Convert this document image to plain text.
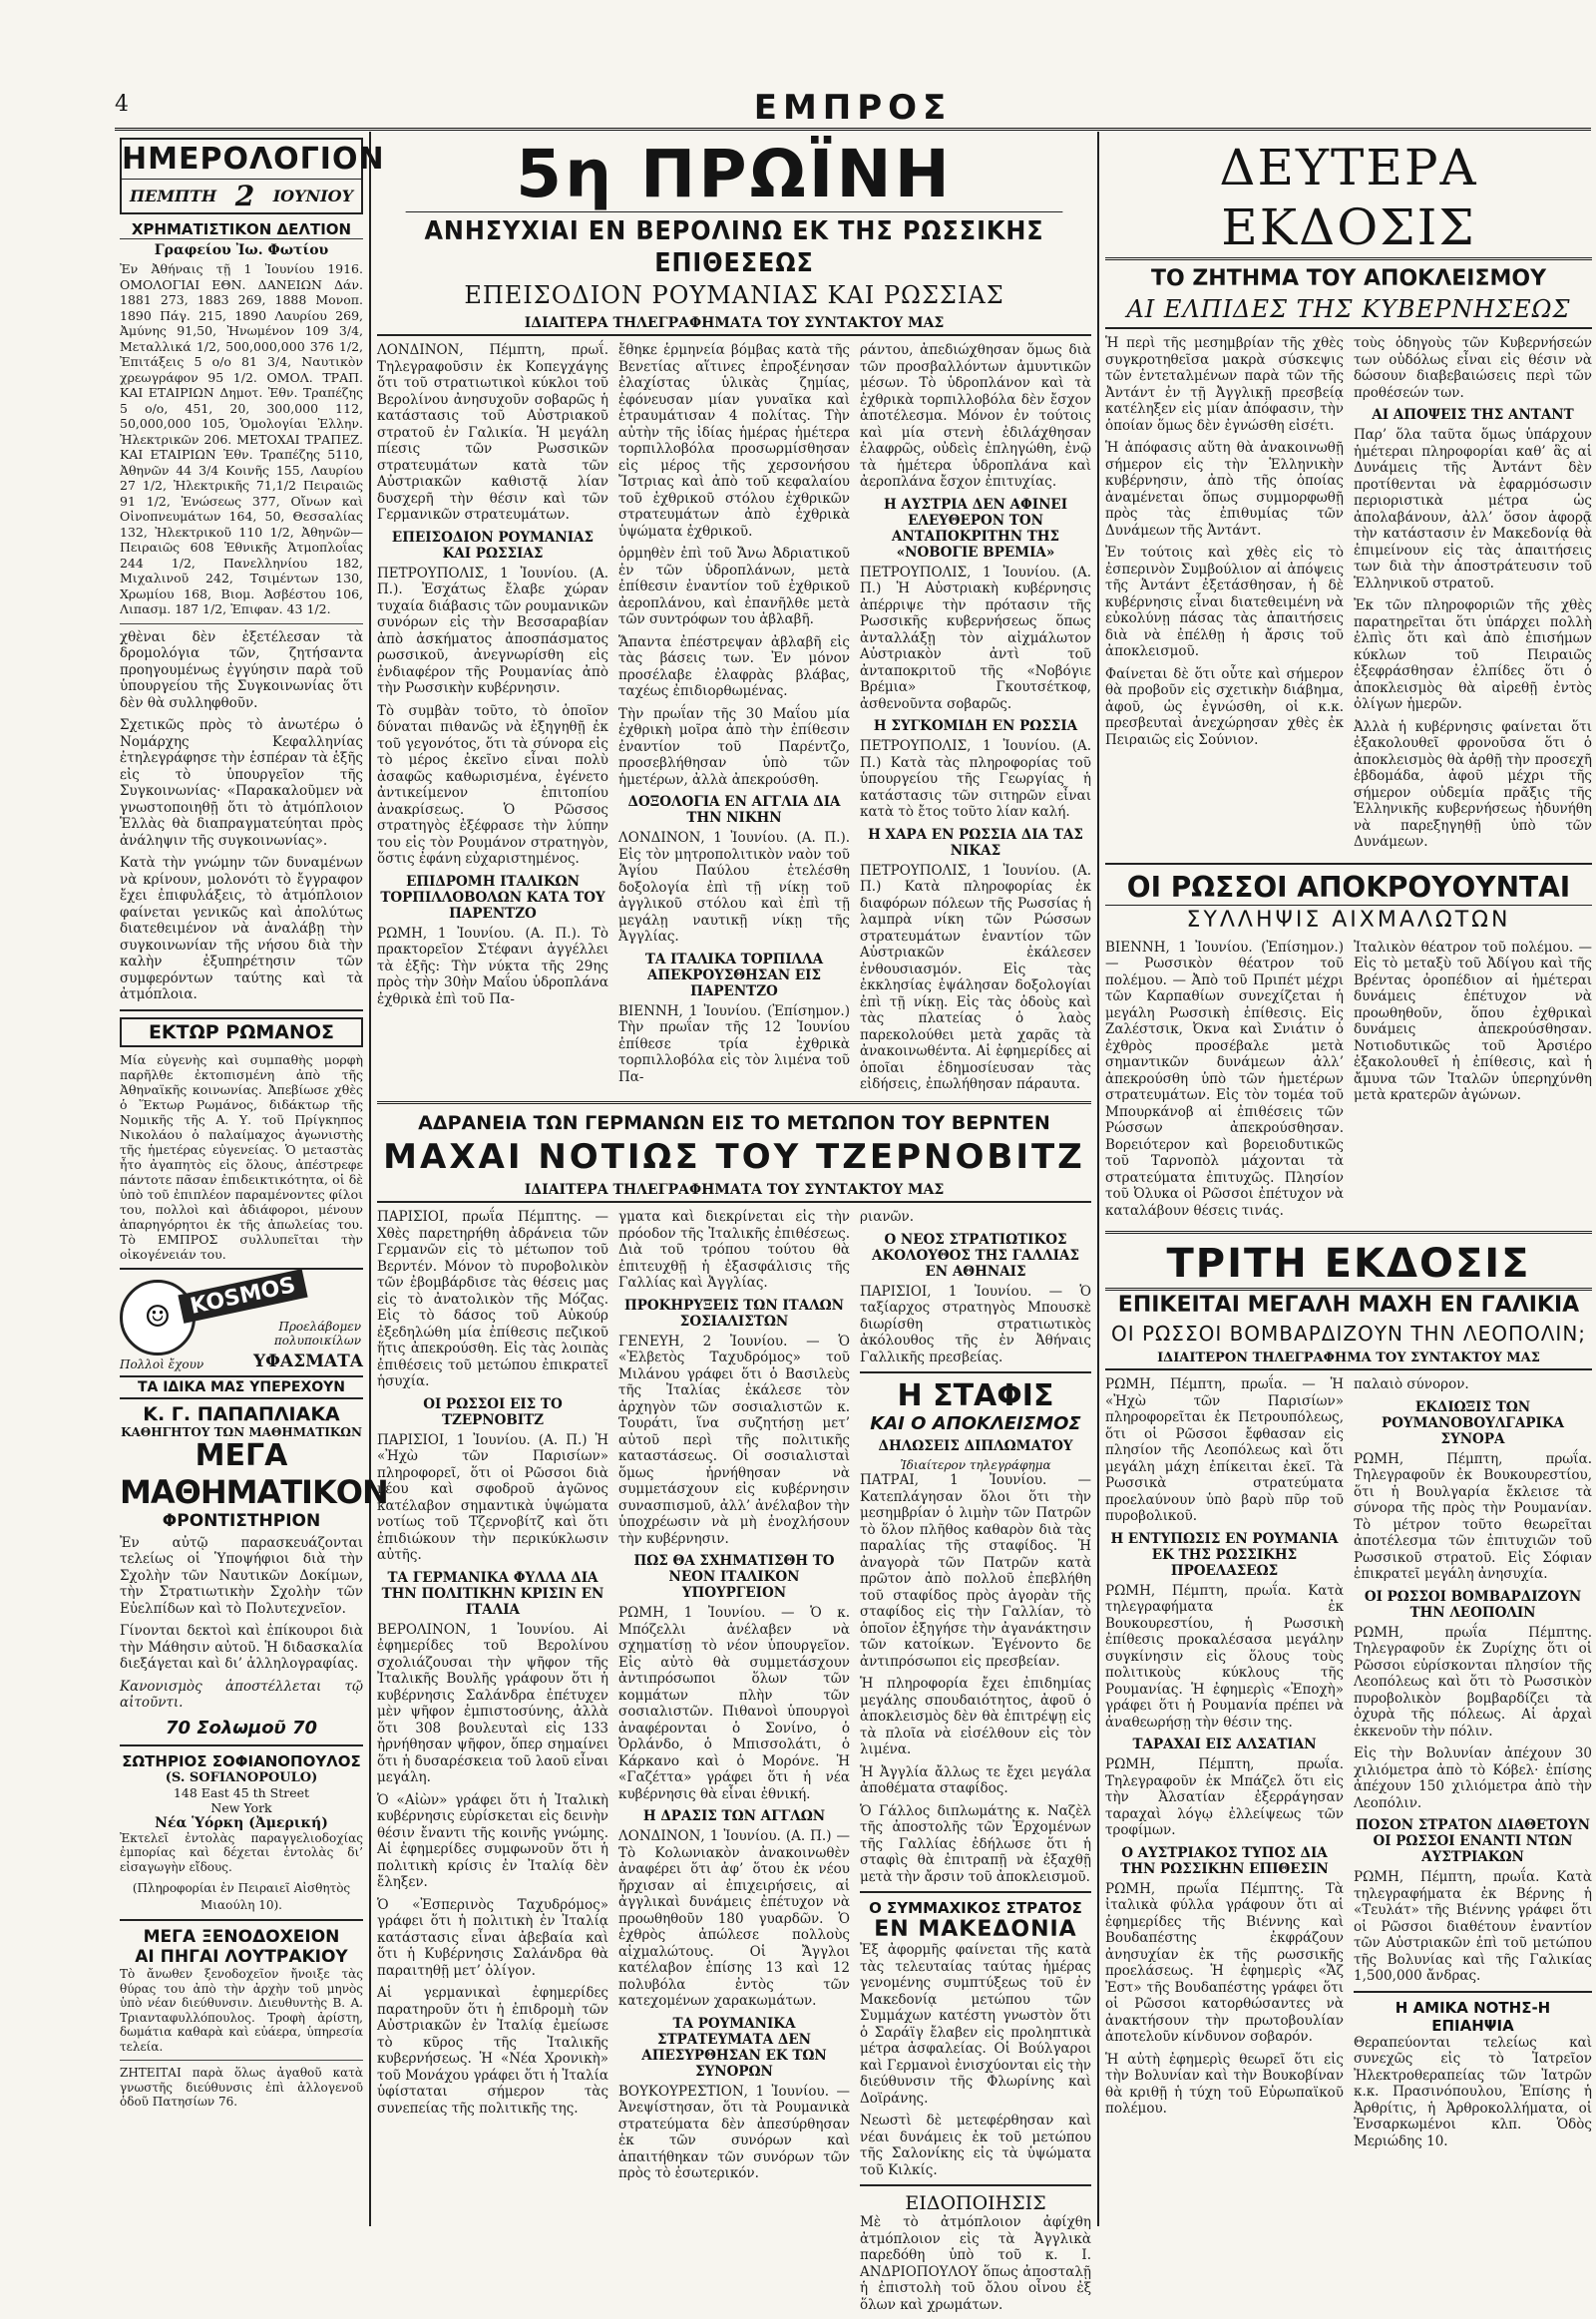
4	ΕΜΠΡΟΣ
ΗΜΕΡΟΛΟΓΙΟΝ
ΠΕΜΠΤΗ 2 ΙΟΥΝΙΟΥ
ΧΡΗΜΑΤΙΣΤΙΚΟΝ ΔΕΛΤΙΟΝ
Γραφείου Ἰω. Φωτίου

Ἐν Ἀθήναις τῇ 1 Ἰουνίου 1916. ΟΜΟΛΟΓΙΑΙ ΕΘΝ. ΔΑΝΕΙΩΝ Δάν. 1881 273, 1883 269, 1888 Μονοπ. 1890 Πάγ. 215, 1890 Λαυρίου 269, Ἀμύνης 91,50, Ἠνωμένον 109 3/4, Μεταλλικά 1/2, 500,000,000 376 1/2, Ἐπιτάξεις 5 ο/ο 81 3/4, Ναυτικὸν χρεωγράφον 95 1/2. ΟΜΟΛ. ΤΡΑΠ. ΚΑΙ ΕΤΑΙΡΙΩΝ Δημοτ. Ἐθν. Τραπέζης 5 ο/ο, 451, 20, 300,000 112, 50,000,000 105, Ὁμολογίαι Ἑλλην. Ἠλεκτρικῶν 206. ΜΕΤΟΧΑΙ ΤΡΑΠΕΖ. ΚΑΙ ΕΤΑΙΡΙΩΝ Ἐθν. Τραπέζης 5110, Ἀθηνῶν 44 3/4 Κοινῆς 155, Λαυρίου 27 1/2, Ἠλεκτρικῆς 71,1/2 Πειραιῶς 91 1/2, Ἑνώσεως 377, Οἴνων καὶ Οἰνοπνευμάτων 164, 50, Θεσσαλίας 132, Ἠλεκτρικοῦ 110 1/2, Ἀθηνῶν—Πειραιῶς 608 Ἑθνικῆς Ἀτμοπλοΐας 244 1/2, Πανελληνίου 182, Μιχαλινοῦ 242, Τσιμέντων 130, Χρωμίου 168, Βιομ. Ἀσβέστου 106, Λιπασμ. 187 1/2, Ἐπιφαν. 43 1/2.

χθὲναι δὲν ἐξετέλεσαν τὰ δρομολόγια τῶν, ζητήσαντα προηγουμένως ἐγγύησιν παρὰ τοῦ ὑπουργείου τῆς Συγκοινωνίας ὅτι δὲν θὰ συλληφθοῦν.

Σχετικῶς πρὸς τὸ ἀνωτέρω ὁ Νομάρχης Κεφαλληνίας ἐτηλεγράφησε τὴν ἑσπέραν τὰ ἑξῆς εἰς τὸ ὑπουργεῖον τῆς Συγκοινωνίας· «Παρακαλοῦμεν νὰ γνωστοποιηθῇ ὅτι τὸ ἀτμόπλοιον Ἑλλὰς θὰ διαπραγματεύηται πρὸς ἀνάληψιν τῆς συγκοινωνίας».

Κατὰ τὴν γνώμην τῶν δυναμένων νὰ κρίνουν, μολονότι τὸ ἔγγραφον ἔχει ἐπιφυλάξεις, τὸ ἀτμόπλοιον φαίνεται γενικῶς καὶ ἀπολύτως διατεθειμένον νὰ ἀναλάβῃ τὴν συγκοινωνίαν τῆς νήσου διὰ τὴν καλὴν ἐξυπηρέτησιν τῶν συμφερόντων ταύτης καὶ τὰ ἀτμόπλοια.

ΕΚΤΩΡ ΡΩΜΑΝΟΣ

Μία εὐγενὴς καὶ συμπαθὴς μορφὴ παρῆλθε ἐκτοπισμένη ἀπὸ τῆς Ἀθηναϊκῆς κοινωνίας. Ἀπεβίωσε χθὲς ὁ Ἕκτωρ Ρωμάνος, διδάκτωρ τῆς Νομικῆς τῆς Α. Υ. τοῦ Πρίγκηπος Νικολάου ὁ παλαίμαχος ἀγωνιστὴς τῆς ἡμετέρας εὐγενείας. Ὁ μεταστὰς ἦτο ἀγαπητὸς εἰς ὅλους, ἀπέστρεφε πάντοτε πᾶσαν ἐπιδεικτικότητα, οἱ δὲ ὑπὸ τοῦ ἐπιπλέον παραμένοντες φίλοι του, πολλοὶ καὶ ἀδιάφοροι, μένουν ἀπαρηγόρητοι ἐκ τῆς ἀπωλείας του. Τὸ ΕΜΠΡΟΣ συλλυπεῖται τὴν οἰκογένειάν του.

☺ KOSMOS
Προελάβομεν πολυποικίλων
Πολλοὶ ἔχουν	ΥΦΑΣΜΑΤΑ
ΤΑ ΙΔΙΚΑ ΜΑΣ ΥΠΕΡΕΧΟΥΝ
Κ. Γ. ΠΑΠΑΠΛΙΑΚΑ
ΚΑΘΗΓΗΤΟΥ ΤΩΝ ΜΑΘΗΜΑΤΙΚΩΝ
ΜΕΓΑ
ΜΑΘΗΜΑΤΙΚΟΝ
ΦΡΟΝΤΙΣΤΗΡΙΟΝ

Ἐν αὐτῷ παρασκευάζονται τελείως οἱ Ὑποψήφιοι διὰ τὴν Σχολὴν τῶν Ναυτικῶν Δοκίμων, τὴν Στρατιωτικὴν Σχολὴν τῶν Εὐελπίδων καὶ τὸ Πολυτεχνεῖον.

Γίνονται δεκτοὶ καὶ ἐπίκουροι διὰ τὴν Μάθησιν αὐτοῦ. Ἡ διδασκαλία διεξάγεται καὶ δι’ ἀλληλογραφίας.

Κανονισμὸς ἀποστέλλεται τῷ αἰτοῦντι.

70 Σολωμοῦ 70
ΣΩΤΗΡΙΟΣ ΣΟΦΙΑΝΟΠΟΥΛΟΣ
(S. SOFIANOPOULO)
148 East 45 th Street
New York
Νέα Ὑόρκη (Ἀμερική)

Ἐκτελεῖ ἐντολὰς παραγγελιοδοχίας ἐμπορίας καὶ δέχεται ἐντολὰς δι’ εἰσαγωγὴν εἴδους.

(Πληροφορίαι ἐν Πειραιεῖ Αἰσθητὸς Μιαούλη 10).

ΜΕΓΑ ΞΕΝΟΔΟΧΕΙΟΝ
ΑΙ ΠΗΓΑΙ ΛΟΥΤΡΑΚΙΟΥ

Τὸ ἄνωθεν ξενοδοχεῖον ἤνοιξε τὰς θύρας του ἀπὸ τὴν ἀρχὴν τοῦ μηνὸς ὑπὸ νέαν διεύθυνσιν. Διευθυντὴς Β. Α. Τριανταφυλλόπουλος. Τροφὴ ἀρίστη, δωμάτια καθαρὰ καὶ εὐάερα, ὑπηρεσία τελεία.

ΖΗΤΕΙΤΑΙ παρὰ ὅλως ἀγαθοῦ κατὰ γνωστῆς διεύθυνσις ἐπὶ ἀλλογενοῦ ὁδοῦ Πατησίων 76.

5η ΠΡΩΪΝΗ
ΑΝΗΣΥΧΙΑΙ ΕΝ ΒΕΡΟΛΙΝΩ ΕΚ ΤΗΣ ΡΩΣΣΙΚΗΣ ΕΠΙΘΕΣΕΩΣ
ΕΠΕΙΣΟΔΙΟΝ ΡΟΥΜΑΝΙΑΣ ΚΑΙ ΡΩΣΣΙΑΣ
ΙΔΙΑΙΤΕΡΑ ΤΗΛΕΓΡΑΦΗΜΑΤΑ ΤΟΥ ΣΥΝΤΑΚΤΟΥ ΜΑΣ

ΛΟΝΔΙΝΟΝ, Πέμπτη, πρωΐ. Τηλεγραφοῦσιν ἐκ Κοπεγχάγης ὅτι τοῦ στρατιωτικοὶ κύκλοι τοῦ Βερολίνου ἀνησυχοῦν σοβαρῶς ἡ κατάστασις τοῦ Αὐστριακοῦ στρατοῦ ἐν Γαλικία. Ἡ μεγάλη πίεσις τῶν Ρωσσικῶν στρατευμάτων κατὰ τῶν Αὐστριακῶν καθιστᾷ λίαν δυσχερῆ τὴν θέσιν καὶ τῶν Γερμανικῶν στρατευμάτων.

ΕΠΕΙΣΟΔΙΟΝ ΡΟΥΜΑΝΙΑΣ ΚΑΙ ΡΩΣΣΙΑΣ

ΠΕΤΡΟΥΠΟΛΙΣ, 1 Ἰουνίου. (Α. Π.). Ἐσχάτως ἔλαβε χώραν τυχαία διάβασις τῶν ρουμανικῶν συνόρων εἰς τὴν Βεσσαραβίαν ἀπὸ ἀσκήματος ἀποσπάσματος ρωσσικοῦ, ἀνεγνωρίσθη εἰς ἐνδιαφέρον τῆς Ρουμανίας ἀπὸ τὴν Ρωσσικὴν κυβέρνησιν.

Τὸ συμβὰν τοῦτο, τὸ ὁποῖον δύναται πιθανῶς νὰ ἐξηγηθῇ ἐκ τοῦ γεγονότος, ὅτι τὰ σύνορα εἰς τὸ μέρος ἐκεῖνο εἶναι πολὺ ἀσαφῶς καθωρισμένα, ἐγένετο ἀντικείμενον ἐπιτοπίου ἀνακρίσεως. Ὁ Ρῶσσος στρατηγὸς ἐξέφρασε τὴν λύπην του εἰς τὸν Ρουμάνον στρατηγὸν, ὅστις ἐφάνη εὐχαριστημένος.

ΕΠΙΔΡΟΜΗ ΙΤΑΛΙΚΩΝ ΤΟΡΠΙΛΛΟΒΟΛΩΝ ΚΑΤΑ ΤΟΥ ΠΑΡΕΝΤΖΟ

ΡΩΜΗ, 1 Ἰουνίου. (Α. Π.). Τὸ πρακτορεῖον Στέφανι ἀγγέλλει τὰ ἑξῆς: Τὴν νύκτα τῆς 29ης πρὸς τὴν 30ὴν Μαΐου ὑδροπλάνα ἐχθρικὰ ἐπὶ τοῦ Πα-

ἔθηκε ἑρμηνεία βόμβας κατὰ τῆς Βενετίας αἵτινες ἐπροξένησαν ἐλαχίστας ὑλικὰς ζημίας, ἐφόνευσαν μίαν γυναῖκα καὶ ἐτραυμάτισαν 4 πολίτας. Τὴν αὐτὴν τῆς ἰδίας ἡμέρας ἡμέτερα τορπιλλοβόλα προσωρμίσθησαν εἰς μέρος τῆς χερσονήσου Ἴστριας καὶ ἀπὸ τοῦ κεφαλαίου τοῦ ἐχθρικοῦ στόλου ἐχθρικῶν στρατευμάτων ἀπὸ ἐχθρικὰ ὑψώματα ἐχθρικοῦ.

ὁρμηθὲν ἐπὶ τοῦ Ἄνω Ἀδριατικοῦ ἐν τῶν ὑδροπλάνων, μετὰ ἐπίθεσιν ἐναντίον τοῦ ἐχθρικοῦ ἀεροπλάνου, καὶ ἐπανῆλθε μετὰ τῶν συντρόφων του ἀβλαβῆ.

Ἅπαντα ἐπέστρεψαν ἀβλαβῆ εἰς τὰς βάσεις των. Ἐν μόνον προσέλαβε ἐλαφρὰς βλάβας, ταχέως ἐπιδιορθωμένας.

Τὴν πρωΐαν τῆς 30 Μαΐου μία ἐχθρικὴ μοῖρα ἀπὸ τὴν ἐπίθεσιν ἐναντίον τοῦ Παρέντζο, προσεβλήθησαν ὑπὸ τῶν ἡμετέρων, ἀλλὰ ἀπεκρούσθη.

ΔΟΞΟΛΟΓΙΑ ΕΝ ΑΓΓΛΙΑ ΔΙΑ ΤΗΝ ΝΙΚΗΝ

ΛΟΝΔΙΝΟΝ, 1 Ἰουνίου. (Α. Π.). Εἰς τὸν μητροπολιτικὸν ναὸν τοῦ Ἁγίου Παύλου ἐτελέσθη δοξολογία ἐπὶ τῇ νίκῃ τοῦ ἀγγλικοῦ στόλου καὶ ἐπὶ τῇ μεγάλῃ ναυτικῇ νίκῃ τῆς Ἀγγλίας.

ΤΑ ΙΤΑΛΙΚΑ ΤΟΡΠΙΛΛΑ ΑΠΕΚΡΟΥΣΘΗΣΑΝ ΕΙΣ ΠΑΡΕΝΤΖΟ

ΒΙΕΝΝΗ, 1 Ἰουνίου. (Ἐπίσημον.) Τὴν πρωΐαν τῆς 12 Ἰουνίου ἐπίθεσε τρία ἐχθρικὰ τορπιλλοβόλα εἰς τὸν λιμένα τοῦ Πα-

ράντου, ἀπεδιώχθησαν ὅμως διὰ τῶν προσβαλλόντων ἀμυντικῶν μέσων. Τὸ ὑδροπλάνον καὶ τὰ ἐχθρικὰ τορπιλλοβόλα δὲν ἔσχον ἀποτέλεσμα. Μόνον ἐν τούτοις καὶ μία στενὴ ἐδιλάχθησαν ἐλαφρῶς, οὐδεὶς ἐπληγώθη, ἐνῷ τὰ ἡμέτερα ὑδροπλάνα καὶ ἀεροπλάνα ἔσχον ἐπιτυχίας.

Η ΑΥΣΤΡΙΑ ΔΕΝ ΑΦΙΝΕΙ ΕΛΕΥΘΕΡΟΝ ΤΟΝ ΑΝΤΑΠΟΚΡΙΤΗΝ ΤΗΣ «ΝΟΒΟΓΙΕ ΒΡΕΜΙΑ»

ΠΕΤΡΟΥΠΟΛΙΣ, 1 Ἰουνίου. (Α. Π.) Ἡ Αὐστριακὴ κυβέρνησις ἀπέρριψε τὴν πρότασιν τῆς Ρωσσικῆς κυβερνήσεως ὅπως ἀνταλλάξῃ τὸν αἰχμάλωτον Αὐστριακὸν ἀντὶ τοῦ ἀνταποκριτοῦ τῆς «Νοβόγιε Βρέμια» Γκουτσέτκοφ, ἀσθενοῦντα σοβαρῶς.

Η ΣΥΓΚΟΜΙΔΗ ΕΝ ΡΩΣΣΙΑ

ΠΕΤΡΟΥΠΟΛΙΣ, 1 Ἰουνίου. (Α. Π.) Κατὰ τὰς πληροφορίας τοῦ ὑπουργείου τῆς Γεωργίας ἡ κατάστασις τῶν σιτηρῶν εἶναι κατὰ τὸ ἔτος τοῦτο λίαν καλή.

Η ΧΑΡΑ ΕΝ ΡΩΣΣΙΑ ΔΙΑ ΤΑΣ ΝΙΚΑΣ

ΠΕΤΡΟΥΠΟΛΙΣ, 1 Ἰουνίου. (Α. Π.) Κατὰ πληροφορίας ἐκ διαφόρων πόλεων τῆς Ρωσσίας ἡ λαμπρὰ νίκη τῶν Ρώσσων στρατευμάτων ἐναντίον τῶν Αὐστριακῶν ἐκάλεσεν ἐνθουσιασμόν. Εἰς τὰς ἐκκλησίας ἐψάλησαν δοξολογίαι ἐπὶ τῇ νίκῃ. Εἰς τὰς ὁδοὺς καὶ τὰς πλατείας ὁ λαὸς παρεκολούθει μετὰ χαρᾶς τὰ ἀνακοινωθέντα. Αἱ ἐφημερίδες αἱ ὁποῖαι ἐδημοσίευσαν τὰς εἰδήσεις, ἐπωλήθησαν πάραυτα.

ΑΔΡΑΝΕΙΑ ΤΩΝ ΓΕΡΜΑΝΩΝ ΕΙΣ ΤΟ ΜΕΤΩΠΟΝ ΤΟΥ ΒΕΡΝΤΕΝ
ΜΑΧΑΙ ΝΟΤΙΩΣ ΤΟΥ ΤΖΕΡΝΟΒΙΤΖ
ΙΔΙΑΙΤΕΡΑ ΤΗΛΕΓΡΑΦΗΜΑΤΑ ΤΟΥ ΣΥΝΤΑΚΤΟΥ ΜΑΣ

ΠΑΡΙΣΙΟΙ, πρωΐα Πέμπτης. — Χθὲς παρετηρήθη ἀδράνεια τῶν Γερμανῶν εἰς τὸ μέτωπον τοῦ Βερντέν. Μόνον τὸ πυροβολικὸν τῶν ἐβομβάρδισε τὰς θέσεις μας εἰς τὸ ἀνατολικὸν τῆς Μόζας. Εἰς τὸ δάσος τοῦ Αὐκούρ ἐξεδηλώθη μία ἐπίθεσις πεζικοῦ ἥτις ἀπεκρούσθη. Εἰς τὰς λοιπὰς ἐπιθέσεις τοῦ μετώπου ἐπικρατεῖ ἡσυχία.

ΟΙ ΡΩΣΣΟΙ ΕΙΣ ΤΟ ΤΖΕΡΝΟΒΙΤΖ

ΠΑΡΙΣΙΟΙ, 1 Ἰουνίου. (Α. Π.) Ἡ «Ἠχὼ τῶν Παρισίων» πληροφορεῖ, ὅτι οἱ Ρῶσσοι διὰ νέου καὶ σφοδροῦ ἀγῶνος κατέλαβον σημαντικὰ ὑψώματα νοτίως τοῦ Τζερνοβίτζ καὶ ὅτι ἐπιδιώκουν τὴν περικύκλωσιν αὐτῆς.

ΤΑ ΓΕΡΜΑΝΙΚΑ ΦΥΛΛΑ ΔΙΑ ΤΗΝ ΠΟΛΙΤΙΚΗΝ ΚΡΙΣΙΝ ΕΝ ΙΤΑΛΙΑ

ΒΕΡΟΛΙΝΟΝ, 1 Ἰουνίου. Αἱ ἐφημερίδες τοῦ Βερολίνου σχολιάζουσαι τὴν ψῆφον τῆς Ἰταλικῆς Βουλῆς γράφουν ὅτι ἡ κυβέρνησις Σαλάνδρα ἐπέτυχεν μὲν ψῆφον ἐμπιστοσύνης, ἀλλὰ ὅτι 308 βουλευταὶ εἰς 133 ἠρνήθησαν ψῆφον, ὅπερ σημαίνει ὅτι ἡ δυσαρέσκεια τοῦ λαοῦ εἶναι μεγάλη.

Ὁ «Αἰὼν» γράφει ὅτι ἡ Ἰταλικὴ κυβέρνησις εὑρίσκεται εἰς δεινὴν θέσιν ἔναντι τῆς κοινῆς γνώμης. Αἱ ἐφημερίδες συμφωνοῦν ὅτι ἡ πολιτικὴ κρίσις ἐν Ἰταλίᾳ δὲν ἔληξεν.

Ὁ «Ἐσπερινὸς Ταχυδρόμος» γράφει ὅτι ἡ πολιτικὴ ἐν Ἰταλίᾳ κατάστασις εἶναι ἀβεβαία καὶ ὅτι ἡ Κυβέρνησις Σαλάνδρα θὰ παραιτηθῇ μετ’ ὀλίγον.

Αἱ γερμανικαὶ ἐφημερίδες παρατηροῦν ὅτι ἡ ἐπιδρομὴ τῶν Αὐστριακῶν ἐν Ἰταλίᾳ ἐμείωσε τὸ κῦρος τῆς Ἰταλικῆς κυβερνήσεως. Ἡ «Νέα Χρονικὴ» τοῦ Μονάχου γράφει ὅτι ἡ Ἰταλία ὑφίσταται σήμερον τὰς συνεπείας τῆς πολιτικῆς της.

γματα καὶ διεκρίνεται εἰς τὴν πρόοδον τῆς Ἰταλικῆς ἐπιθέσεως. Διὰ τοῦ τρόπου τούτου θὰ ἐπιτευχθῇ ἡ ἐξασφάλισις τῆς Γαλλίας καὶ Ἀγγλίας.

ΠΡΟΚΗΡΥΞΕΙΣ ΤΩΝ ΙΤΑΛΩΝ ΣΟΣΙΑΛΙΣΤΩΝ

ΓΕΝΕΥΗ, 2 Ἰουνίου. — Ὁ «Ἐλβετὸς Ταχυδρόμος» τοῦ Μιλάνου γράφει ὅτι ὁ Βασιλεὺς τῆς Ἰταλίας ἐκάλεσε τὸν ἀρχηγὸν τῶν σοσιαλιστῶν κ. Τουράτι, ἵνα συζητήσῃ μετ’ αὐτοῦ περὶ τῆς πολιτικῆς καταστάσεως. Οἱ σοσιαλισταὶ ὅμως ἠρνήθησαν νὰ συμμετάσχουν εἰς κυβέρνησιν συνασπισμοῦ, ἀλλ’ ἀνέλαβον τὴν ὑποχρέωσιν νὰ μὴ ἐνοχλήσουν τὴν κυβέρνησιν.

ΠΩΣ ΘΑ ΣΧΗΜΑΤΙΣΘΗ ΤΟ ΝΕΟΝ ΙΤΑΛΙΚΟΝ ΥΠΟΥΡΓΕΙΟΝ

ΡΩΜΗ, 1 Ἰουνίου. — Ὁ κ. Μπόζελλι ἀνέλαβεν νὰ σχηματίσῃ τὸ νέον ὑπουργεῖον. Εἰς αὐτὸ θὰ συμμετάσχουν ἀντιπρόσωποι ὅλων τῶν κομμάτων πλὴν τῶν σοσιαλιστῶν. Πιθανοὶ ὑπουργοὶ ἀναφέρονται ὁ Σονίνο, ὁ Ὀρλάνδο, ὁ Μπισσολάτι, ὁ Κάρκανο καὶ ὁ Μορόνε. Ἡ «Γαζέττα» γράφει ὅτι ἡ νέα κυβέρνησις θὰ εἶναι ἐθνική.

Η ΔΡΑΣΙΣ ΤΩΝ ΑΓΓΛΩΝ

ΛΟΝΔΙΝΟΝ, 1 Ἰουνίου. (Α. Π.) — Τὸ Κολωνιακὸν ἀνακοινωθὲν ἀναφέρει ὅτι ἀφ’ ὅτου ἐκ νέου ἤρχισαν αἱ ἐπιχειρήσεις, αἱ ἀγγλικαὶ δυνάμεις ἐπέτυχον νὰ προωθηθοῦν 180 γυαρδῶν. Ὁ ἐχθρὸς ἀπώλεσε πολλοὺς αἰχμαλώτους. Οἱ Ἄγγλοι κατέλαβον ἐπίσης 13 καὶ 12 πολυβόλα ἐντὸς τῶν κατεχομένων χαρακωμάτων.

ΤΑ ΡΟΥΜΑΝΙΚΑ ΣΤΡΑΤΕΥΜΑΤΑ ΔΕΝ ΑΠΕΣΥΡΘΗΣΑΝ ΕΚ ΤΩΝ ΣΥΝΟΡΩΝ

ΒΟΥΚΟΥΡΕΣΤΙΟΝ, 1 Ἰουνίου. — Ἀνεψίστησαν, ὅτι τὰ Ρουμανικὰ στρατεύματα δὲν ἀπεσύρθησαν ἐκ τῶν συνόρων καὶ ἀπαιτήθηκαν τῶν συνόρων τῶν πρὸς τὸ ἐσωτερικόν.

ριανῶν.

Ο ΝΕΟΣ ΣΤΡΑΤΙΩΤΙΚΟΣ ΑΚΟΛΟΥΘΟΣ ΤΗΣ ΓΑΛΛΙΑΣ ΕΝ ΑΘΗΝΑΙΣ

ΠΑΡΙΣΙΟΙ, 1 Ἰουνίου. — Ὁ ταξίαρχος στρατηγὸς Μπουσκὲ διωρίσθη στρατιωτικὸς ἀκόλουθος τῆς ἐν Ἀθήναις Γαλλικῆς πρεσβείας.

Η ΣΤΑΦΙΣ
ΚΑΙ Ο ΑΠΟΚΛΕΙΣΜΟΣ
ΔΗΛΩΣΕΙΣ ΔΙΠΛΩΜΑΤΟΥ
Ἰδιαίτερον τηλεγράφημα

ΠΑΤΡΑΙ, 1 Ἰουνίου. — Κατεπλάγησαν ὅλοι ὅτι τὴν μεσημβρίαν ὁ λιμὴν τῶν Πατρῶν τὸ ὅλον πλῆθος καθαρὸν διὰ τὰς παραλίας τῆς σταφίδος. Ἡ ἀναγορὰ τῶν Πατρῶν κατὰ πρῶτον ἀπὸ πολλοῦ ἐπεβλήθη τοῦ σταφίδος πρὸς ἀγορὰν τῆς σταφίδος εἰς τὴν Γαλλίαν, τὸ ὁποῖον ἐξηγήσε τὴν ἀγανάκτησιν τῶν κατοίκων. Ἐγένοντο δε ἀντιπρόσωποι εἰς πρεσβείαν.

Ἡ πληροφορία ἔχει ἐπιδημίας μεγάλης σπουδαιότητος, ἀφοῦ ὁ ἀποκλεισμὸς δὲν θὰ ἐπιτρέψῃ εἰς τὰ πλοῖα νὰ εἰσέλθουν εἰς τὸν λιμένα.

Ἡ Ἀγγλία ἄλλως τε ἔχει μεγάλα ἀποθέματα σταφίδος.

Ὁ Γάλλος διπλωμάτης κ. Ναζὲλ τῆς ἀποστολῆς τῶν Ἐρχομένων τῆς Γαλλίας ἐδήλωσε ὅτι ἡ σταφὶς θὰ ἐπιτραπῇ νὰ ἐξαχθῇ μετὰ τὴν ἄρσιν τοῦ ἀποκλεισμοῦ.

Ο ΣΥΜΜΑΧΙΚΟΣ ΣΤΡΑΤΟΣ
ΕΝ ΜΑΚΕΔΟΝΙΑ

Ἐξ ἀφορμῆς φαίνεται τῆς κατὰ τὰς τελευταίας ταύτας ἡμέρας γενομένης συμπτύξεως τοῦ ἐν Μακεδονίᾳ μετώπου τῶν Συμμάχων κατέστη γνωστὸν ὅτι ὁ Σαράϊγ ἔλαβεν εἰς προληπτικὰ μέτρα ἀσφαλείας. Οἱ Βούλγαροι καὶ Γερμανοὶ ἐνισχύονται εἰς τὴν διεύθυνσιν τῆς Φλωρίνης καὶ Δοϊράνης.

Νεωστὶ δὲ μετεφέρθησαν καὶ νέαι δυνάμεις ἐκ τοῦ μετώπου τῆς Σαλονίκης εἰς τὰ ὑψώματα τοῦ Κιλκίς.

ΕΙΔΟΠΟΙΗΣΙΣ

Μὲ τὸ ἀτμόπλοιον ἀφίχθη ἀτμόπλοιον εἰς τὰ Ἀγγλικὰ παρεδόθη ὑπὸ τοῦ κ. Ι. ΑΝΔΡΙΟΠΟΥΛΟΥ ὅπως ἀποσταλῇ ἡ ἐπιστολὴ τοῦ ὄλου οἶνου ἐξ ὅλων καὶ χρωμάτων.

ΔΕΥΤΕΡΑ ΕΚΔΟΣΙΣ
ΤΟ ΖΗΤΗΜΑ ΤΟΥ ΑΠΟΚΛΕΙΣΜΟΥ
ΑΙ ΕΛΠΙΔΕΣ ΤΗΣ ΚΥΒΕΡΝΗΣΕΩΣ

Ἡ περὶ τῆς μεσημβρίαν τῆς χθὲς συγκροτηθεῖσα μακρὰ σύσκεψις τῶν ἐντεταλμένων παρὰ τῶν τῆς Ἀντάντ ἐν τῇ Ἀγγλικῇ πρεσβείᾳ κατέληξεν εἰς μίαν ἀπόφασιν, τὴν ὁποίαν ὅμως δὲν ἐγνώσθη εἰσέτι.

Ἡ ἀπόφασις αὕτη θὰ ἀνακοινωθῇ σήμερον εἰς τὴν Ἑλληνικὴν κυβέρνησιν, ἀπὸ τῆς ὁποίας ἀναμένεται ὅπως συμμορφωθῇ πρὸς τὰς ἐπιθυμίας τῶν Δυνάμεων τῆς Ἀντάντ.

Ἐν τούτοις καὶ χθὲς εἰς τὸ ἐσπερινὸν Συμβούλιον αἱ ἀπόψεις τῆς Ἀντάντ ἐξετάσθησαν, ἡ δὲ κυβέρνησις εἶναι διατεθειμένη νὰ εὐκολύνῃ πάσας τὰς ἀπαιτήσεις διὰ νὰ ἐπέλθῃ ἡ ἄρσις τοῦ ἀποκλεισμοῦ.

Φαίνεται δὲ ὅτι οὗτε καὶ σήμερον θὰ προβοῦν εἰς σχετικὴν διάβημα, ἀφοῦ, ὡς ἐγνώσθη, οἱ κ.κ. πρεσβευταὶ ἀνεχώρησαν χθὲς ἐκ Πειραιῶς εἰς Σούνιον.

τοὺς ὁδηγοὺς τῶν Κυβερνήσεών των οὐδόλως εἶναι εἰς θέσιν νὰ δώσουν διαβεβαιώσεις περὶ τῶν προθέσεών των.

ΑΙ ΑΠΟΨΕΙΣ ΤΗΣ ΑΝΤΑΝΤ

Παρ’ ὅλα ταῦτα ὅμως ὑπάρχουν ἡμέτεραι πληροφορίαι καθ’ ἃς αἱ Δυνάμεις τῆς Ἀντάντ δὲν προτίθενται νὰ ἐφαρμόσωσιν περιοριστικὰ μέτρα ὡς ἀπολαβάνουν, ἀλλ’ ὅσον ἀφορᾷ τὴν κατάστασιν ἐν Μακεδονίᾳ θὰ ἐπιμείνουν εἰς τὰς ἀπαιτήσεις των διὰ τὴν ἀποστράτευσιν τοῦ Ἑλληνικοῦ στρατοῦ.

Ἐκ τῶν πληροφοριῶν τῆς χθὲς παρατηρεῖται ὅτι ὑπάρχει πολλὴ ἐλπὶς ὅτι καὶ ἀπὸ ἐπισήμων κύκλων τοῦ Πειραιῶς ἐξεφράσθησαν ἐλπίδες ὅτι ὁ ἀποκλεισμὸς θὰ αἰρεθῇ ἐντὸς ὀλίγων ἡμερῶν.

Ἀλλὰ ἡ κυβέρνησις φαίνεται ὅτι ἐξακολουθεῖ φρονοῦσα ὅτι ὁ ἀποκλεισμὸς θὰ ἀρθῇ τὴν προσεχῆ ἑβδομάδα, ἀφοῦ μέχρι τῆς σήμερον οὐδεμία πρᾶξις τῆς Ἑλληνικῆς κυβερνήσεως ἠδυνήθη νὰ παρεξηγηθῇ ὑπὸ τῶν Δυνάμεων.

ΟΙ ΡΩΣΣΟΙ ΑΠΟΚΡΟΥΟΥΝΤΑΙ
ΣΥΛΛΗΨΙΣ ΑΙΧΜΑΛΩΤΩΝ

ΒΙΕΝΝΗ, 1 Ἰουνίου. (Ἐπίσημον.) — Ρωσσικὸν θέατρον τοῦ πολέμου. — Ἀπὸ τοῦ Πριπέτ μέχρι τῶν Καρπαθίων συνεχίζεται ἡ μεγάλη Ρωσσικὴ ἐπίθεσις. Εἰς Ζαλέστσικ, Ὀκνα καὶ Σνιάτιν ὁ ἐχθρὸς προσέβαλε μετὰ σημαντικῶν δυνάμεων ἀλλ’ ἀπεκρούσθη ὑπὸ τῶν ἡμετέρων στρατευμάτων. Εἰς τὸν τομέα τοῦ Μπουρκάνοβ αἱ ἐπιθέσεις τῶν Ρώσσων ἀπεκρούσθησαν. Βορειότερον καὶ βορειοδυτικῶς τοῦ Ταρνοπὸλ μάχονται τὰ στρατεύματα ἐπιτυχῶς. Πλησίον τοῦ Ὀλυκα οἱ Ρῶσσοι ἐπέτυχον νὰ καταλάβουν θέσεις τινάς.

Ἰταλικὸν θέατρον τοῦ πολέμου. — Εἰς τὸ μεταξὺ τοῦ Ἀδίγου καὶ τῆς Βρέντας ὀροπέδιον αἱ ἡμέτεραι δυνάμεις ἐπέτυχον νὰ προωθηθοῦν, ὅπου ἐχθρικαὶ δυνάμεις ἀπεκρούσθησαν. Νοτιοδυτικῶς τοῦ Ἀρσιέρο ἐξακολουθεῖ ἡ ἐπίθεσις, καὶ ἡ ἄμυνα τῶν Ἰταλῶν ὑπερηχύνθη μετὰ κρατερῶν ἀγώνων.

ΤΡΙΤΗ ΕΚΔΟΣΙΣ
ΕΠΙΚΕΙΤΑΙ ΜΕΓΑΛΗ ΜΑΧΗ ΕΝ ΓΑΛΙΚΙΑ
ΟΙ ΡΩΣΣΟΙ ΒΟΜΒΑΡΔΙΖΟΥΝ ΤΗΝ ΛΕΟΠΟΛΙΝ;
ΙΔΙΑΙΤΕΡΟΝ ΤΗΛΕΓΡΑΦΗΜΑ ΤΟΥ ΣΥΝΤΑΚΤΟΥ ΜΑΣ

ΡΩΜΗ, Πέμπτη, πρωΐα. — Ἡ «Ἠχὼ τῶν Παρισίων» πληροφορεῖται ἐκ Πετρουπόλεως, ὅτι οἱ Ρῶσσοι ἔφθασαν εἰς πλησίον τῆς Λεοπόλεως καὶ ὅτι μεγάλη μάχη ἐπίκειται ἐκεῖ. Τὰ Ρωσσικὰ στρατεύματα προελαύνουν ὑπὸ βαρὺ πῦρ τοῦ πυροβολικοῦ.

Η ΕΝΤΥΠΩΣΙΣ ΕΝ ΡΟΥΜΑΝΙΑ ΕΚ ΤΗΣ ΡΩΣΣΙΚΗΣ ΠΡΟΕΛΑΣΕΩΣ

ΡΩΜΗ, Πέμπτη, πρωΐα. Κατὰ τηλεγραφήματα ἐκ Βουκουρεστίου, ἡ Ρωσσικὴ ἐπίθεσις προκαλέσασα μεγάλην συγκίνησιν εἰς ὅλους τοὺς πολιτικοὺς κύκλους τῆς Ρουμανίας. Ἡ ἐφημερὶς «Ἐποχὴ» γράφει ὅτι ἡ Ρουμανία πρέπει νὰ ἀναθεωρήσῃ τὴν θέσιν της.

ΤΑΡΑΧΑΙ ΕΙΣ ΑΛΣΑΤΙΑΝ

ΡΩΜΗ, Πέμπτη, πρωΐα. Τηλεγραφοῦν ἐκ Μπάζελ ὅτι εἰς τὴν Ἀλσατίαν ἐξερράγησαν ταραχαὶ λόγῳ ἐλλείψεως τῶν τροφίμων.

Ο ΑΥΣΤΡΙΑΚΟΣ ΤΥΠΟΣ ΔΙΑ ΤΗΝ ΡΩΣΣΙΚΗΝ ΕΠΙΘΕΣΙΝ

ΡΩΜΗ, πρωΐα Πέμπτης. Τὰ ἰταλικὰ φύλλα γράφουν ὅτι αἱ ἐφημερίδες τῆς Βιέννης καὶ Βουδαπέστης ἐκφράζουν ἀνησυχίαν ἐκ τῆς ρωσσικῆς προελάσεως. Ἡ ἐφημερὶς «Ἄζ Ἐστ» τῆς Βουδαπέστης γράφει ὅτι οἱ Ρῶσσοι κατορθώσαντες νὰ ἀνακτήσουν τὴν πρωτοβουλίαν ἀποτελοῦν κίνδυνον σοβαρόν.

Ἡ αὐτὴ ἐφημερὶς θεωρεῖ ὅτι εἰς τὴν Βολυνίαν καὶ τὴν Βουκοβίναν θὰ κριθῇ ἡ τύχη τοῦ Εὐρωπαϊκοῦ πολέμου.

παλαιὸ σύνορον.

ΕΚΔΙΩΞΙΣ ΤΩΝ ΡΟΥΜΑΝΟΒΟΥΛΓΑΡΙΚΑ ΣΥΝΟΡΑ

ΡΩΜΗ, Πέμπτη, πρωΐα. Τηλεγραφοῦν ἐκ Βουκουρεστίου, ὅτι ἡ Βουλγαρία ἔκλεισε τὰ σύνορα τῆς πρὸς τὴν Ρουμανίαν. Τὸ μέτρον τοῦτο θεωρεῖται ἀποτέλεσμα τῶν ἐπιτυχιῶν τοῦ Ρωσσικοῦ στρατοῦ. Εἰς Σόφιαν ἐπικρατεῖ μεγάλη ἀνησυχία.

ΟΙ ΡΩΣΣΟΙ ΒΟΜΒΑΡΔΙΖΟΥΝ ΤΗΝ ΛΕΟΠΟΛΙΝ

ΡΩΜΗ, πρωΐα Πέμπτης. Τηλεγραφοῦν ἐκ Ζυρίχης ὅτι οἱ Ρῶσσοι εὑρίσκονται πλησίον τῆς Λεοπόλεως καὶ ὅτι τὸ Ρωσσικὸν πυροβολικὸν βομβαρδίζει τὰ ὀχυρὰ τῆς πόλεως. Αἱ ἀρχαὶ ἐκκενοῦν τὴν πόλιν.

Εἰς τὴν Βολυνίαν ἀπέχουν 30 χιλιόμετρα ἀπὸ τὸ Κόβελ· ἐπίσης ἀπέχουν 150 χιλιόμετρα ἀπὸ τὴν Λεοπόλιν.

ΠΟΣΟΝ ΣΤΡΑΤΟΝ ΔΙΑΘΕΤΟΥΝ ΟΙ ΡΩΣΣΟΙ ΕΝΑΝΤΙ ΝΤΩΝ ΑΥΣΤΡΙΑΚΩΝ

ΡΩΜΗ, Πέμπτη, πρωΐα. Κατὰ τηλεγραφήματα ἐκ Βέρνης ἡ «Τευλάτ» τῆς Βιέννης γράφει ὅτι οἱ Ρῶσσοι διαθέτουν ἐναντίον τῶν Αὐστριακῶν ἐπὶ τοῦ μετώπου τῆς Βολυνίας καὶ τῆς Γαλικίας 1,500,000 ἄνδρας.

Η ΑΜΙΚΑ ΝΟΤΗΣ-Η ΕΠΙΑΗΨΙΑ

Θεραπεύονται τελείως καὶ συνεχῶς εἰς τὸ Ἰατρεῖον Ἠλεκτροθεραπείας τῶν Ἰατρῶν κ.κ. Πρασινόπουλου, Ἐπίσης ἡ Ἀρθρίτις, ἡ Ἀρθροκολλήματα, οἱ Ἐνσαρκωμένοι κλπ. Ὁδὸς Μεριώδης 10.
